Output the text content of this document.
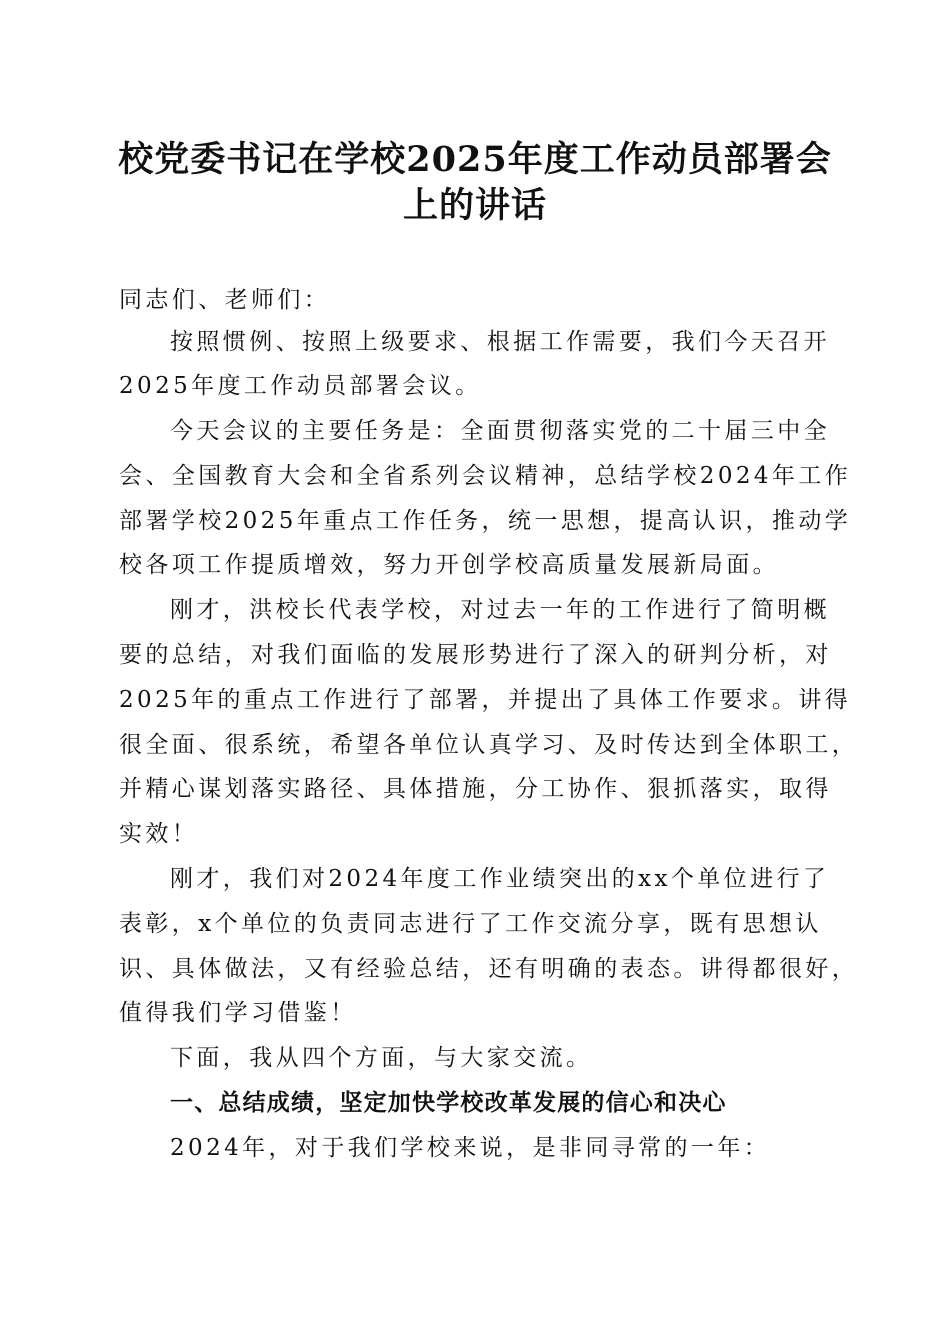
校党委书记在学校2025年度工作动员部署会
上的讲话

同志们、老师们：

按照惯例、按照上级要求、根据工作需要，我们今天召开

2025年度工作动员部署会议。

今天会议的主要任务是：全面贯彻落实党的二十届三中全

会、全国教育大会和全省系列会议精神，总结学校2024年工作

部署学校2025年重点工作任务，统一思想，提高认识，推动学

校各项工作提质增效，努力开创学校高质量发展新局面。

刚才，洪校长代表学校，对过去一年的工作进行了简明概

要的总结，对我们面临的发展形势进行了深入的研判分析，对

2025年的重点工作进行了部署，并提出了具体工作要求。讲得

很全面、很系统，希望各单位认真学习、及时传达到全体职工，

并精心谋划落实路径、具体措施，分工协作、狠抓落实，取得

实效！

刚才，我们对2024年度工作业绩突出的xx个单位进行了

表彰，x个单位的负责同志进行了工作交流分享，既有思想认

识、具体做法，又有经验总结，还有明确的表态。讲得都很好，

值得我们学习借鉴！

下面，我从四个方面，与大家交流。

一、总结成绩，坚定加快学校改革发展的信心和决心

2024年，对于我们学校来说，是非同寻常的一年：
